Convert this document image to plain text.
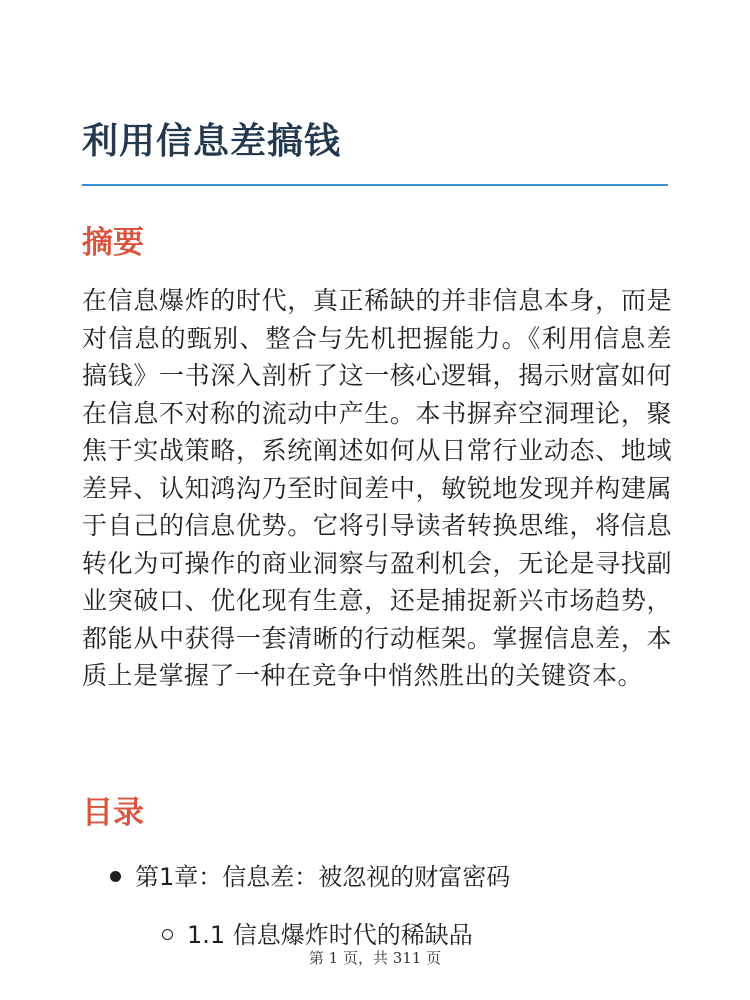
利用信息差搞钱
摘要

在信息爆炸的时代，真正稀缺的并非信息本身，而是对信息的甄别、整合与先机把握能力。《利用信息差搞钱》一书深入剖析了这一核心逻辑，揭示财富如何在信息不对称的流动中产生。本书摒弃空洞理论，聚焦于实战策略，系统阐述如何从日常行业动态、地域差异、认知鸿沟乃至时间差中，敏锐地发现并构建属于自己的信息优势。它将引导读者转换思维，将信息转化为可操作的商业洞察与盈利机会，无论是寻找副业突破口、优化现有生意，还是捕捉新兴市场趋势，都能从中获得一套清晰的行动框架。掌握信息差，本质上是掌握了一种在竞争中悄然胜出的关键资本。

目录
第1章：信息差：被忽视的财富密码
1.1 信息爆炸时代的稀缺品
第 1 页，共 311 页
